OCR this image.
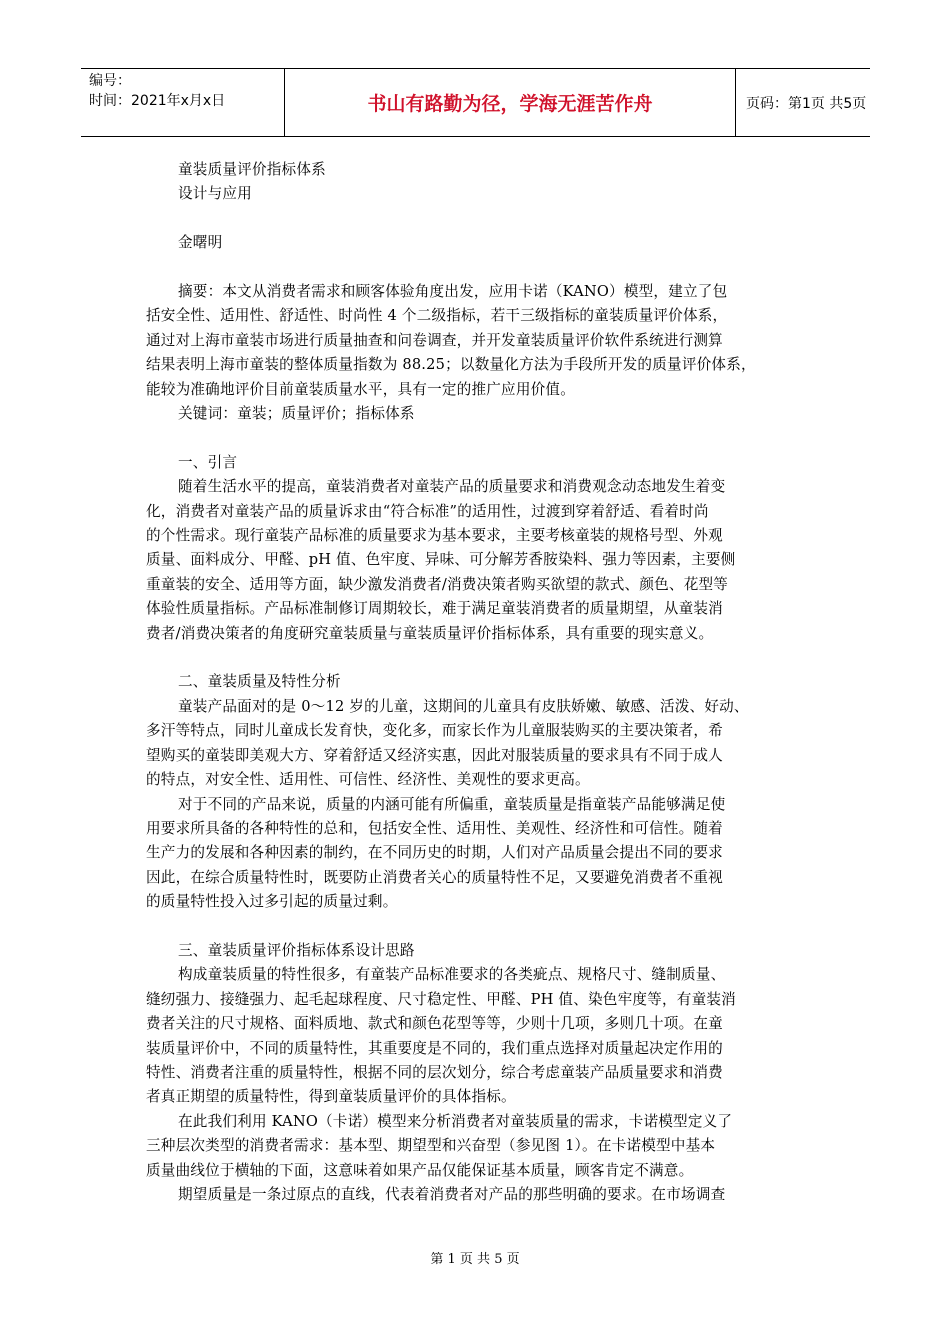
编号：
时间：2021年x月x日	书山有路勤为径，学海无涯苦作舟	页码：第1页 共5页
童装质量评价指标体系
设计与应用
金曙明
摘要：本文从消费者需求和顾客体验角度出发，应用卡诺（KANO）模型，建立了包
括安全性、适用性、舒适性、时尚性 4 个二级指标，若干三级指标的童装质量评价体系，
通过对上海市童装市场进行质量抽查和问卷调查，并开发童装质量评价软件系统进行测算
结果表明上海市童装的整体质量指数为 88.25；以数量化方法为手段所开发的质量评价体系，
能较为准确地评价目前童装质量水平，具有一定的推广应用价值。
关键词：童装；质量评价；指标体系
一、引言
随着生活水平的提高，童装消费者对童装产品的质量要求和消费观念动态地发生着变
化，消费者对童装产品的质量诉求由“符合标准”的适用性，过渡到穿着舒适、看着时尚
的个性需求。现行童装产品标准的质量要求为基本要求，主要考核童装的规格号型、外观
质量、面料成分、甲醛、pH 值、色牢度、异味、可分解芳香胺染料、强力等因素，主要侧
重童装的安全、适用等方面，缺少激发消费者/消费决策者购买欲望的款式、颜色、花型等
体验性质量指标。产品标准制修订周期较长，难于满足童装消费者的质量期望，从童装消
费者/消费决策者的角度研究童装质量与童装质量评价指标体系，具有重要的现实意义。
二、童装质量及特性分析
童装产品面对的是 0～12 岁的儿童，这期间的儿童具有皮肤娇嫩、敏感、活泼、好动、
多汗等特点，同时儿童成长发育快，变化多，而家长作为儿童服装购买的主要决策者，希
望购买的童装即美观大方、穿着舒适又经济实惠，因此对服装质量的要求具有不同于成人
的特点，对安全性、适用性、可信性、经济性、美观性的要求更高。
对于不同的产品来说，质量的内涵可能有所偏重，童装质量是指童装产品能够满足使
用要求所具备的各种特性的总和，包括安全性、适用性、美观性、经济性和可信性。随着
生产力的发展和各种因素的制约，在不同历史的时期，人们对产品质量会提出不同的要求
因此，在综合质量特性时，既要防止消费者关心的质量特性不足，又要避免消费者不重视
的质量特性投入过多引起的质量过剩。
三、童装质量评价指标体系设计思路
构成童装质量的特性很多，有童装产品标准要求的各类疵点、规格尺寸、缝制质量、
缝纫强力、接缝强力、起毛起球程度、尺寸稳定性、甲醛、PH 值、染色牢度等，有童装消
费者关注的尺寸规格、面料质地、款式和颜色花型等等，少则十几项，多则几十项。在童
装质量评价中，不同的质量特性，其重要度是不同的，我们重点选择对质量起决定作用的
特性、消费者注重的质量特性，根据不同的层次划分，综合考虑童装产品质量要求和消费
者真正期望的质量特性，得到童装质量评价的具体指标。
在此我们利用 KANO（卡诺）模型来分析消费者对童装质量的需求，卡诺模型定义了
三种层次类型的消费者需求：基本型、期望型和兴奋型（参见图 1）。在卡诺模型中基本
质量曲线位于横轴的下面，这意味着如果产品仅能保证基本质量，顾客肯定不满意。
期望质量是一条过原点的直线，代表着消费者对产品的那些明确的要求。在市场调查
第 1 页 共 5 页
